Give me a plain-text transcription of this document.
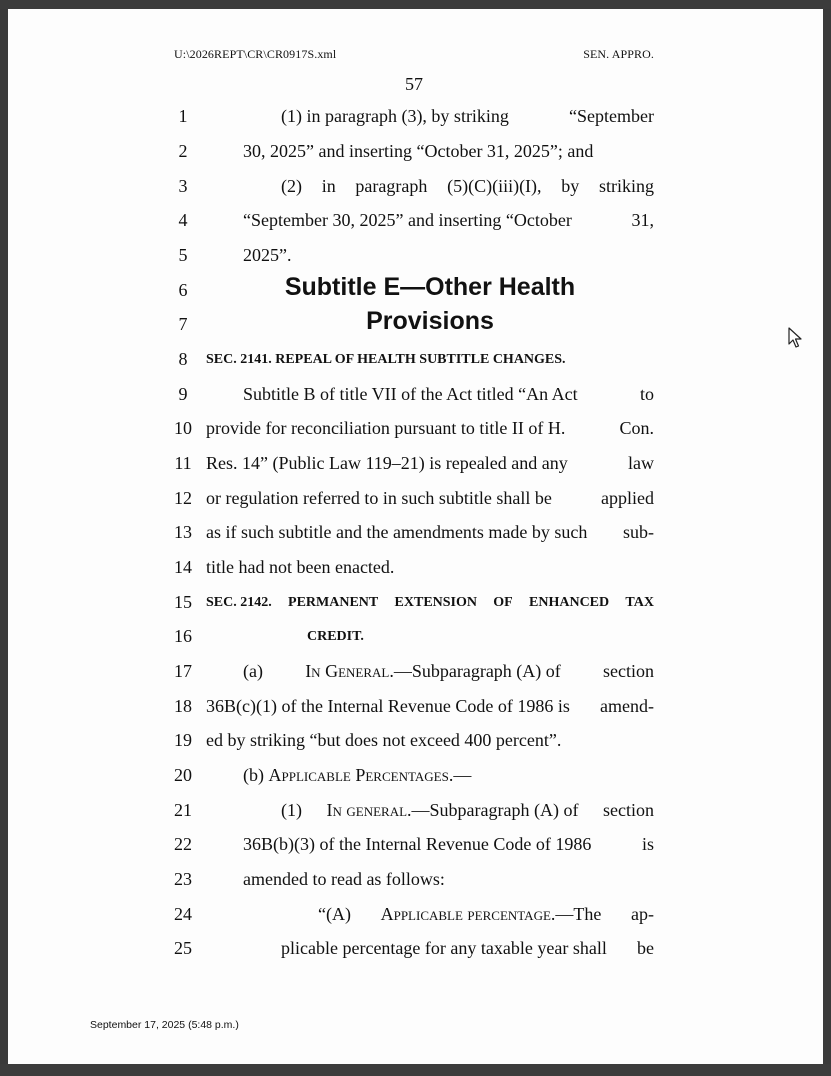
U:\2026REPT\CR\CR0917S.xml	SEN. APPRO.
57
1
2
3
4
5
6
7
8
9
10
11
12
13
14
15
16
17
18
19
20
21
22
23
24
25
(1) in paragraph (3), by striking	“September
30, 2025” and inserting “October 31, 2025”; and
(2) in paragraph (5)(C)(iii)(I), by striking
“September 30, 2025” and inserting “October	31,
2025”.
Subtitle E—Other Health
Provisions
SEC. 2141. REPEAL OF HEALTH SUBTITLE CHANGES.
Subtitle B of title VII of the Act titled “An Act	to
provide for reconciliation pursuant to title II of H.	Con.
Res. 14” (Public Law 119–21) is repealed and any	law
or regulation referred to in such subtitle shall be	applied
as if such subtitle and the amendments made by such sub-
title had not been enacted.
SEC. 2142. PERMANENT EXTENSION OF ENHANCED TAX
CREDIT.
(a) In General.—Subparagraph (A) of section
36B(c)(1) of the Internal Revenue Code of 1986 is amend-
ed by striking “but does not exceed 400 percent”.
(b) Applicable Percentages.—
(1) In general.—Subparagraph (A) of section
36B(b)(3) of the Internal Revenue Code of 1986	is
amended to read as follows:
“(A) Applicable percentage.—The ap-
plicable percentage for any taxable year shall be
September 17, 2025 (5:48 p.m.)
